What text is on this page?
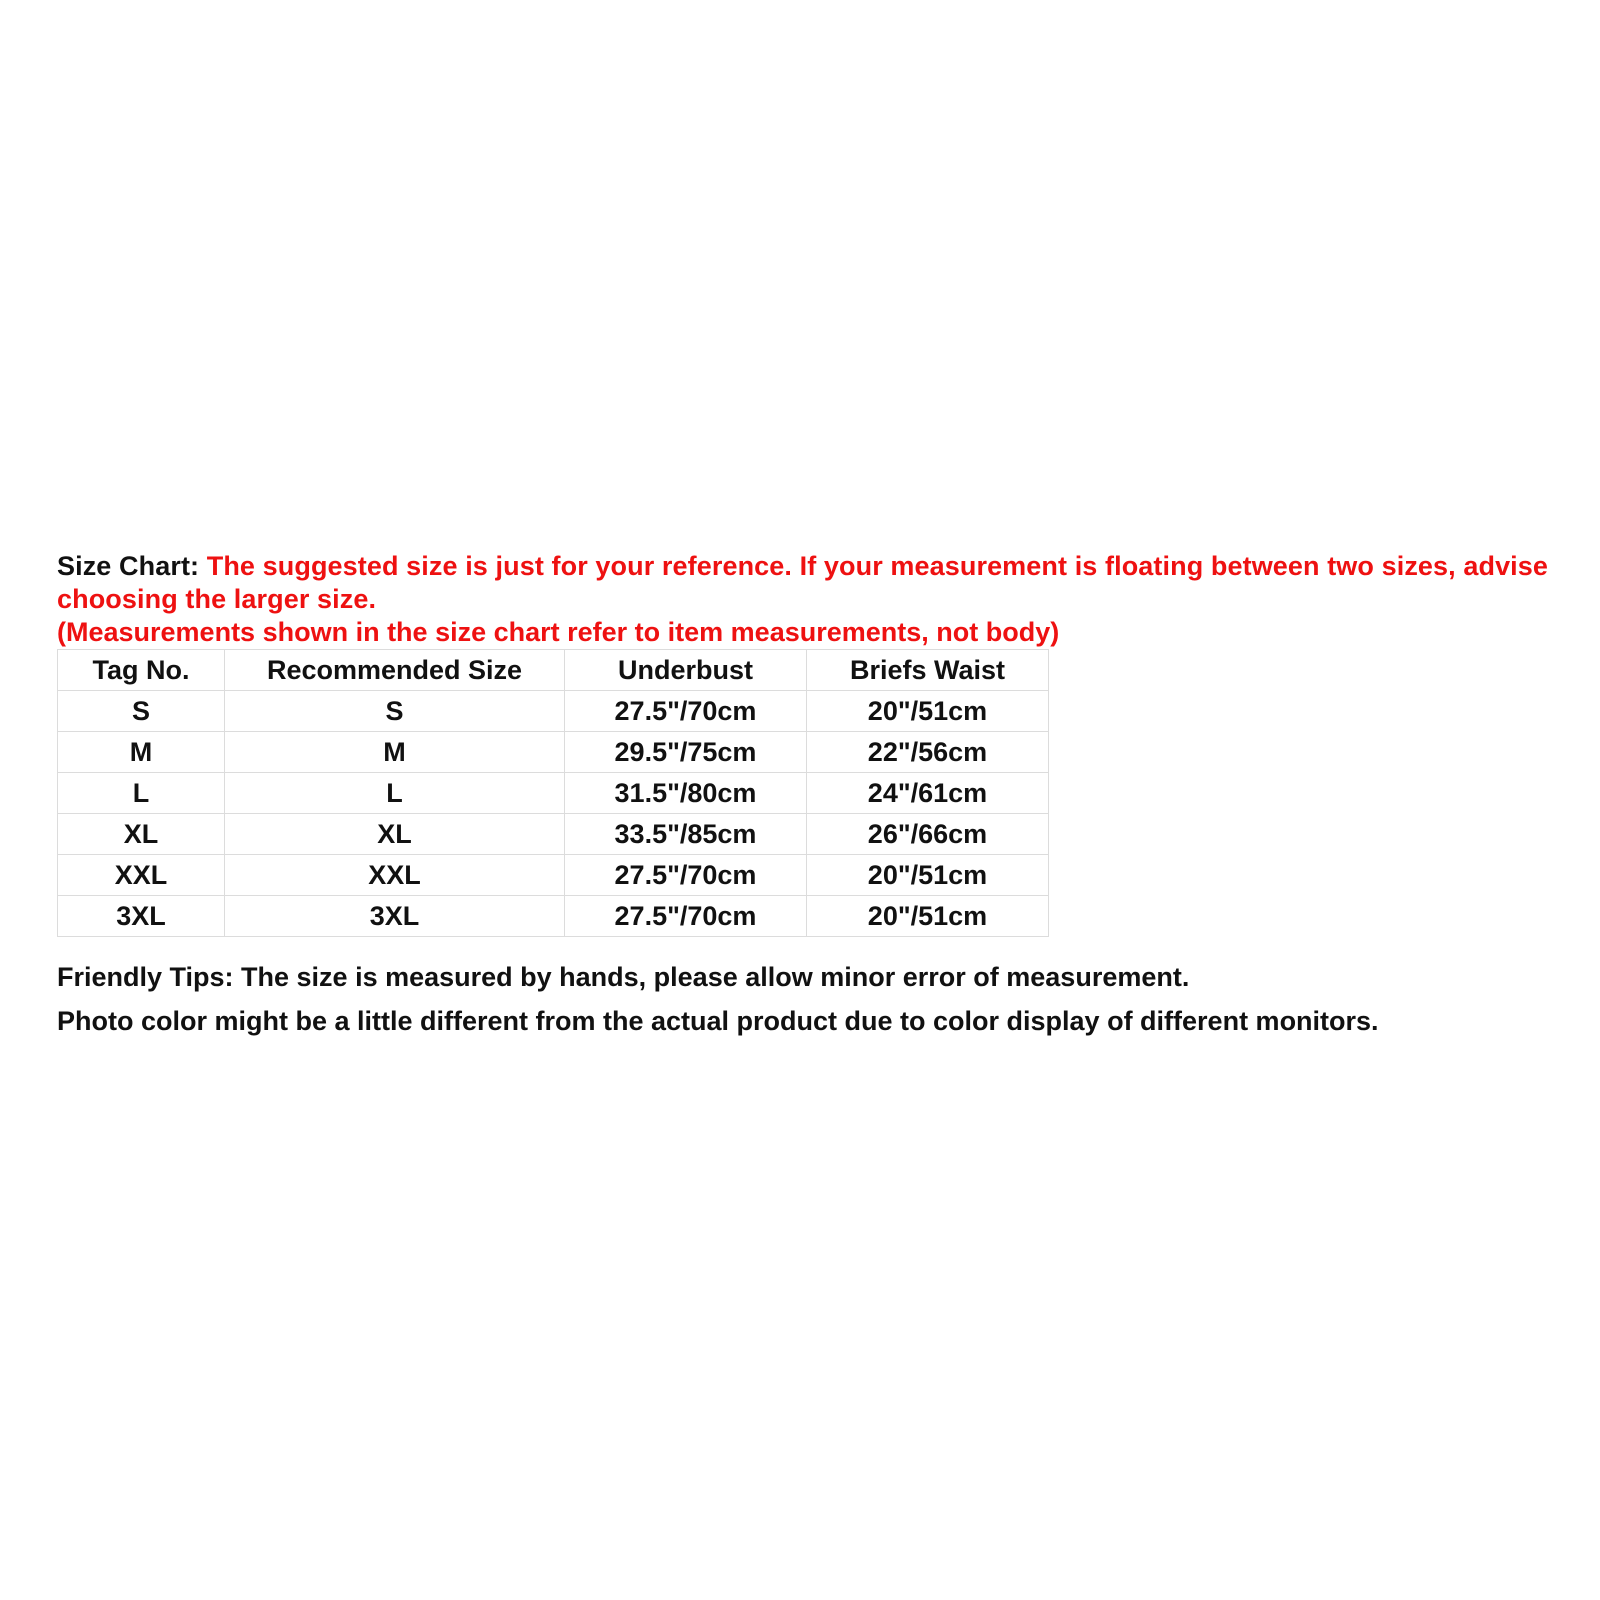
Size Chart: The suggested size is just for your reference. If your measurement is floating between two sizes, advise choosing the larger size.

(Measurements shown in the size chart refer to item measurements, not body)

Tag No.	Recommended Size	Underbust	Briefs Waist
S	S	27.5"/70cm	20"/51cm
M	M	29.5"/75cm	22"/56cm
L	L	31.5"/80cm	24"/61cm
XL	XL	33.5"/85cm	26"/66cm
XXL	XXL	27.5"/70cm	20"/51cm
3XL	3XL	27.5"/70cm	20"/51cm

Friendly Tips: The size is measured by hands, please allow minor error of measurement.

Photo color might be a little different from the actual product due to color display of different monitors.
